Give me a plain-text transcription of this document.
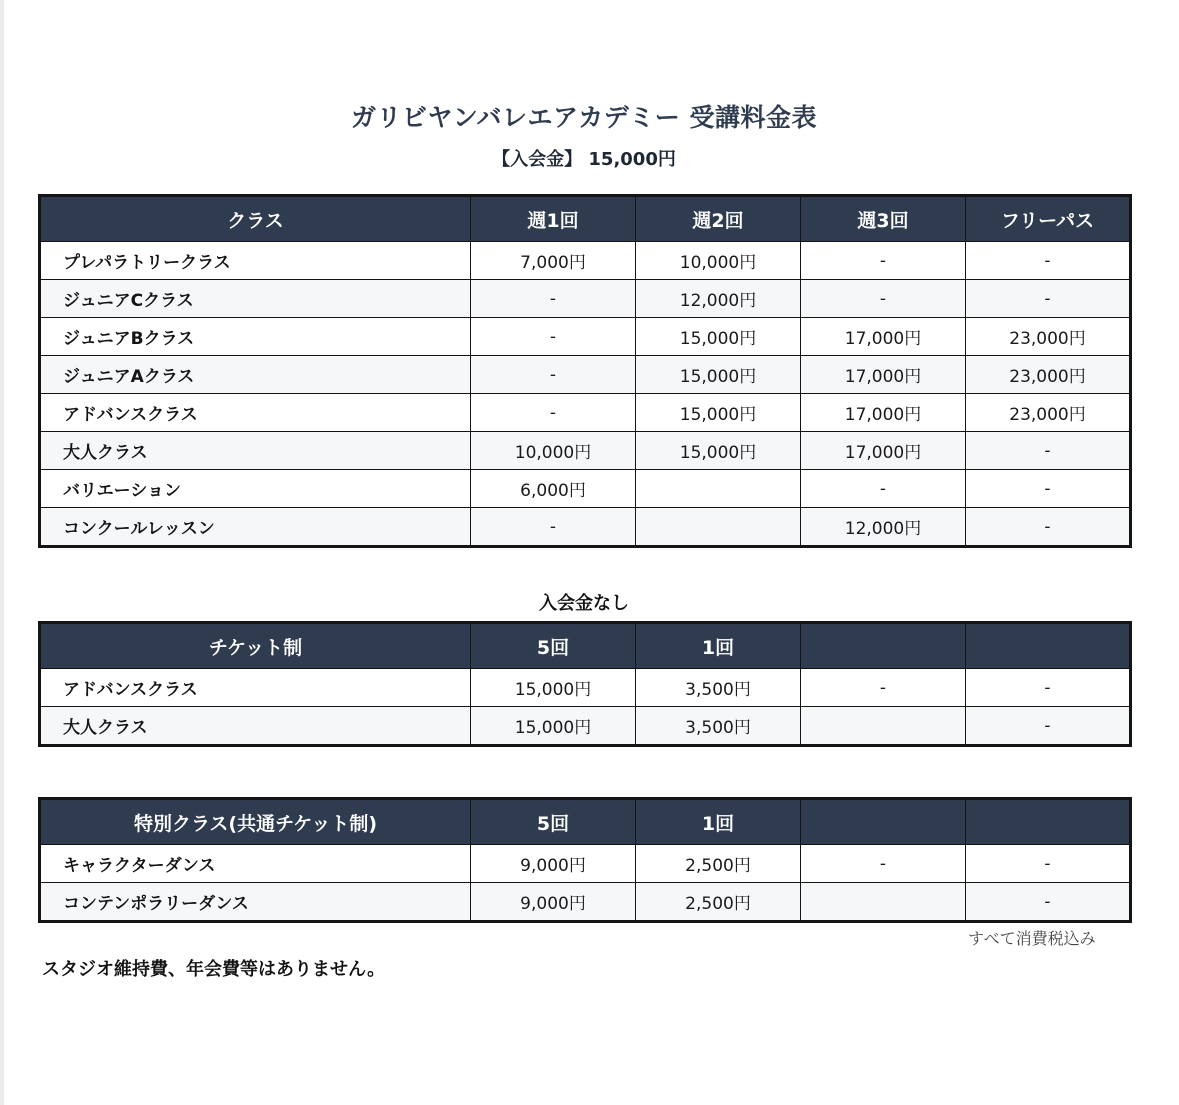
ガリビヤンバレエアカデミー 受講料金表
【入会金】 15,000円
クラス	週1回	週2回	週3回	フリーパス
プレパラトリークラス	7,000円	10,000円	-	-
ジュニアCクラス	-	12,000円	-	-
ジュニアBクラス	-	15,000円	17,000円	23,000円
ジュニアAクラス	-	15,000円	17,000円	23,000円
アドバンスクラス	-	15,000円	17,000円	23,000円
大人クラス	10,000円	15,000円	17,000円	-
バリエーション	6,000円		-	-
コンクールレッスン	-		12,000円	-
入会金なし
チケット制	5回	1回		
アドバンスクラス	15,000円	3,500円	-	-
大人クラス	15,000円	3,500円		-
特別クラス(共通チケット制)	5回	1回		
キャラクターダンス	9,000円	2,500円	-	-
コンテンポラリーダンス	9,000円	2,500円		-
すべて消費税込み
スタジオ維持費、年会費等はありません。
